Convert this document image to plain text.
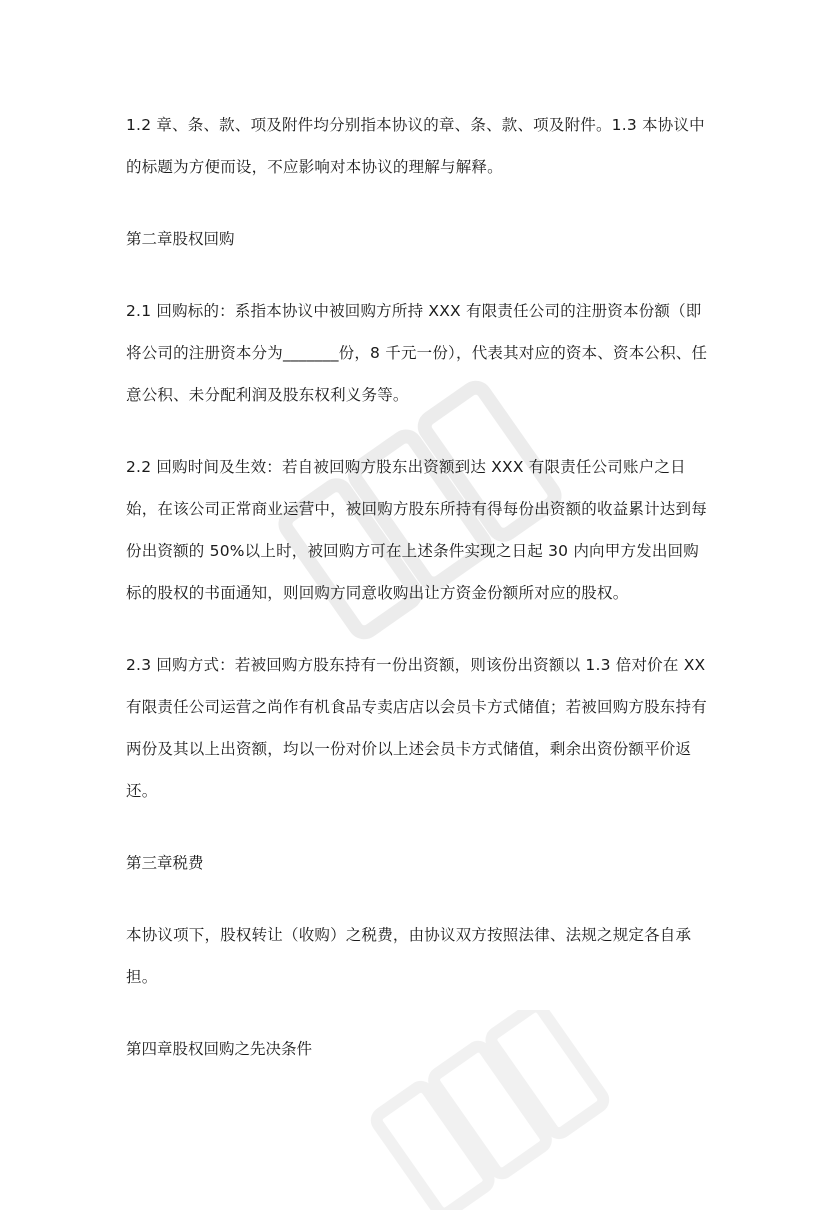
1.2 章、条、款、项及附件均分别指本协议的章、条、款、项及附件。1.3 本协议中的标题为方便而设，不应影响对本协议的理解与解释。

第二章股权回购

2.1 回购标的：系指本协议中被回购方所持 XXX 有限责任公司的注册资本份额（即将公司的注册资本分为_______份，8 千元一份），代表其对应的资本、资本公积、任意公积、未分配利润及股东权利义务等。

2.2 回购时间及生效：若自被回购方股东出资额到达 XXX 有限责任公司账户之日始，在该公司正常商业运营中，被回购方股东所持有得每份出资额的收益累计达到每份出资额的 50%以上时，被回购方可在上述条件实现之日起 30 内向甲方发出回购标的股权的书面通知，则回购方同意收购出让方资金份额所对应的股权。

2.3 回购方式：若被回购方股东持有一份出资额，则该份出资额以 1.3 倍对价在 XX 有限责任公司运营之尚作有机食品专卖店店以会员卡方式储值；若被回购方股东持有两份及其以上出资额，均以一份对价以上述会员卡方式储值，剩余出资份额平价返还。

第三章税费

本协议项下，股权转让（收购）之税费，由协议双方按照法律、法规之规定各自承担。

第四章股权回购之先决条件
